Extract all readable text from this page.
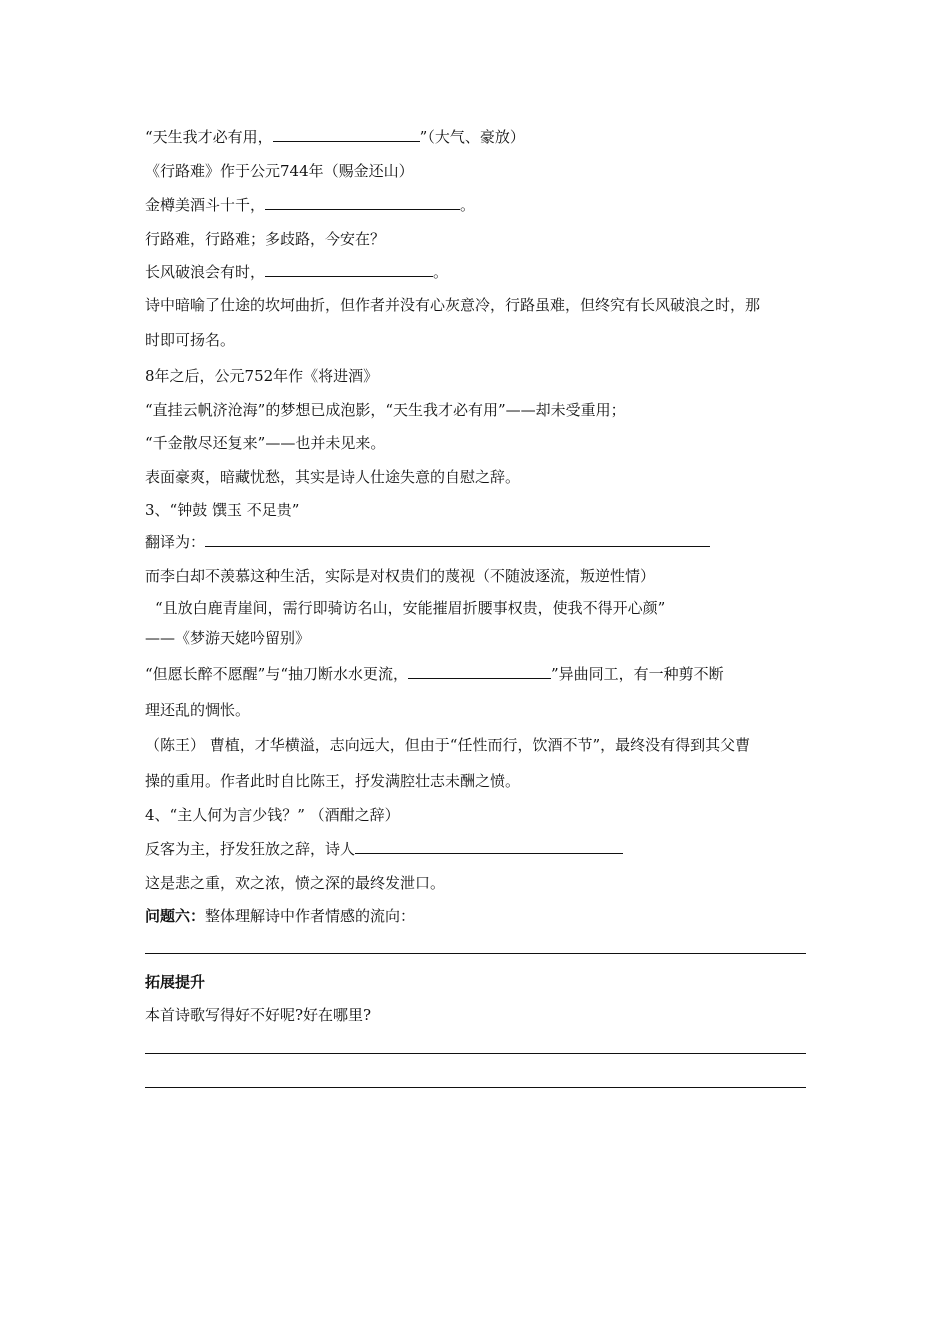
“天生我才必有用，	”（大气、豪放）
《行路难》作于公元744年（赐金还山）
金樽美酒斗十千，	。
行路难，行路难；多歧路，今安在？
长风破浪会有时，	。
诗中暗喻了仕途的坎坷曲折，但作者并没有心灰意冷，行路虽难，但终究有长风破浪之时，那
时即可扬名。
8年之后，公元752年作《将进酒》
“直挂云帆济沧海”的梦想已成泡影，“天生我才必有用”——却未受重用；
“千金散尽还复来”——也并未见来。
表面豪爽，暗藏忧愁，其实是诗人仕途失意的自慰之辞。
3、“钟鼓 馔玉 不足贵”
翻译为：
而李白却不羡慕这种生活，实际是对权贵们的蔑视（不随波逐流，叛逆性情）
“且放白鹿青崖间，需行即骑访名山，安能摧眉折腰事权贵，使我不得开心颜”
——《梦游天姥吟留别》
“但愿长醉不愿醒”与“抽刀断水水更流，	”异曲同工，有一种剪不断
理还乱的惆怅。
（陈王） 曹植，才华横溢，志向远大，但由于“任性而行，饮酒不节”，最终没有得到其父曹
操的重用。作者此时自比陈王，抒发满腔壮志未酬之愤。
4、“主人何为言少钱？” （酒酣之辞）
反客为主，抒发狂放之辞，诗人
这是悲之重，欢之浓，愤之深的最终发泄口。
问题六：整体理解诗中作者情感的流向：
拓展提升
本首诗歌写得好不好呢?好在哪里?
